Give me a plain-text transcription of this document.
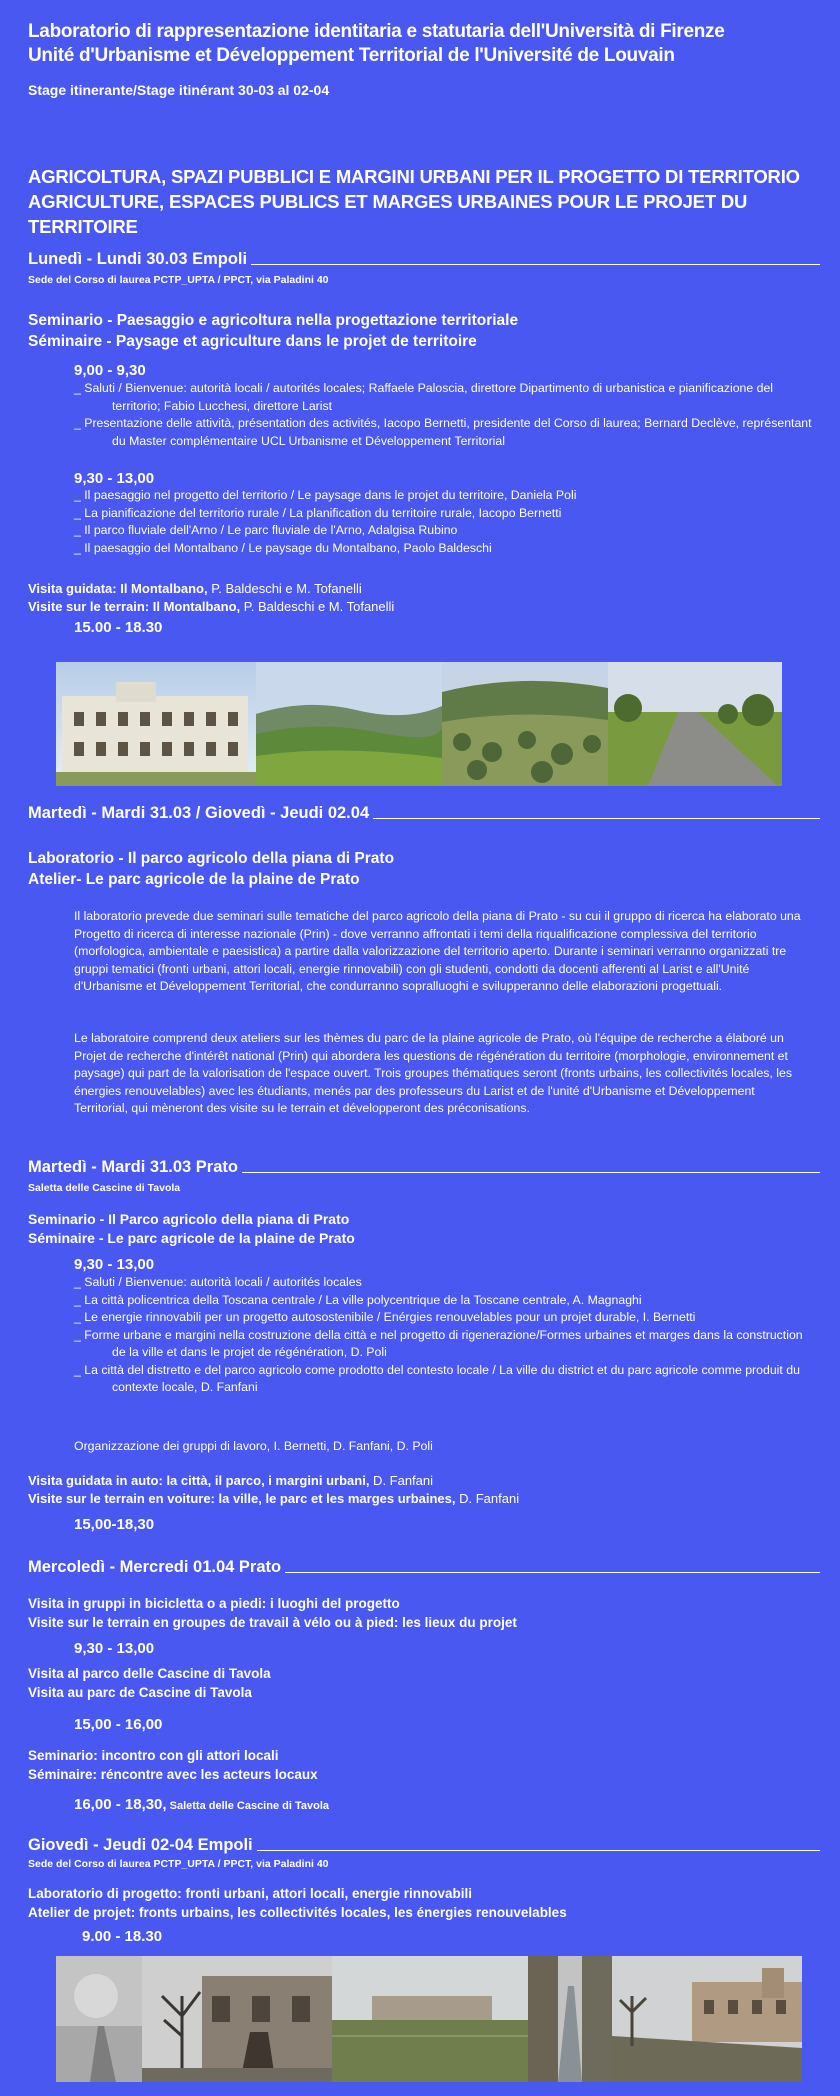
Laboratorio di rappresentazione identitaria e statutaria dell'Università di Firenze
Unité d'Urbanisme et Développement Territorial de l'Université de Louvain
Stage itinerante/Stage itinérant 30-03 al 02-04
AGRICOLTURA, SPAZI PUBBLICI E MARGINI URBANI PER IL PROGETTO DI TERRITORIO
AGRICULTURE, ESPACES PUBLICS ET MARGES URBAINES POUR LE PROJET DU TERRITOIRE
Lunedì - Lundi 30.03 Empoli
Sede del Corso di laurea PCTP_UPTA / PPCT, via Paladini 40
Seminario - Paesaggio e agricoltura nella progettazione territoriale
Séminaire - Paysage et agriculture dans le projet de territoire
9,00 - 9,30
_ Saluti / Bienvenue: autorità locali / autorités locales; Raffaele Paloscia, direttore Dipartimento di urbanistica e pianificazione del territorio; Fabio Lucchesi, direttore Larist
_ Presentazione delle attività, présentation des activités, Iacopo Bernetti, presidente del Corso di laurea; Bernard Declève, représentant du Master complémentaire UCL Urbanisme et Développement Territorial
9,30 - 13,00
_ Il paesaggio nel progetto del territorio / Le paysage dans le projet du territoire, Daniela Poli
_ La pianificazione del territorio rurale / La planification du territoire rurale, Iacopo Bernetti
_ Il parco fluviale dell'Arno / Le parc fluviale de l'Arno, Adalgisa Rubino
_ Il paesaggio del Montalbano / Le paysage du Montalbano, Paolo Baldeschi
Visita guidata: Il Montalbano, P. Baldeschi e M. Tofanelli
Visite sur le terrain: Il Montalbano, P. Baldeschi e M. Tofanelli
15.00 - 18.30
Martedì - Mardi 31.03 / Giovedì - Jeudi 02.04
Laboratorio - Il parco agricolo della piana di Prato
Atelier- Le parc agricole de la plaine de Prato
Il laboratorio prevede due seminari sulle tematiche del parco agricolo della piana di Prato - su cui il gruppo di ricerca ha elaborato una Progetto di ricerca di interesse nazionale (Prin) - dove verranno affrontati i temi della riqualificazione complessiva del territorio (morfologica, ambientale e paesistica) a partire dalla valorizzazione del territorio aperto. Durante i seminari verranno organizzati tre gruppi tematici (fronti urbani, attori locali, energie rinnovabili) con gli studenti, condotti da docenti afferenti al Larist e all'Unité d'Urbanisme et Développement Territorial, che condurranno sopralluoghi e svilupperanno delle elaborazioni progettuali.
Le laboratoire comprend deux ateliers sur les thèmes du parc de la plaine agricole de Prato, où l'équipe de recherche a élaboré un Projet de recherche d'intérêt national (Prin) qui abordera les questions de régénération du territoire (morphologie, environnement et paysage) qui part de la valorisation de l'espace ouvert. Trois groupes thématiques seront (fronts urbains, les collectivités locales, les énergies renouvelables) avec les étudiants, menés par des professeurs du Larist et de l'unité d'Urbanisme et Développement Territorial, qui mèneront des visite su le terrain et développeront des préconisations.
Martedì - Mardi 31.03 Prato
Saletta delle Cascine di Tavola
Seminario - Il Parco agricolo della piana di Prato
Séminaire - Le parc agricole de la plaine de Prato
9,30 - 13,00
_ Saluti / Bienvenue: autorità locali / autorités locales
_ La città policentrica della Toscana centrale / La ville polycentrique de la Toscane centrale, A. Magnaghi
_ Le energie rinnovabili per un progetto autosostenibile / Enérgies renouvelables pour un projet durable, I. Bernetti
_ Forme urbane e margini nella costruzione della città e nel progetto di rigenerazione/Formes urbaines et marges dans la construction de la ville et dans le projet de régénération, D. Poli
_ La città del distretto e del parco agricolo come prodotto del contesto locale / La ville du district et du parc agricole comme produit du contexte locale, D. Fanfani
Organizzazione dei gruppi di lavoro, I. Bernetti, D. Fanfani, D. Poli
Visita guidata in auto: la città, il parco, i margini urbani, D. Fanfani
Visite sur le terrain en voiture: la ville, le parc et les marges urbaines, D. Fanfani
15,00-18,30
Mercoledì - Mercredi 01.04 Prato
Visita in gruppi in bicicletta o a piedi: i luoghi del progetto
Visite sur le terrain en groupes de travail à vélo ou à pied: les lieux du projet
9,30 - 13,00
Visita al parco delle Cascine di Tavola
Visita au parc de Cascine di Tavola
15,00 - 16,00
Seminario: incontro con gli attori locali
Séminaire: réncontre avec les acteurs locaux
16,00 - 18,30, Saletta delle Cascine di Tavola
Giovedì - Jeudi 02-04 Empoli
Sede del Corso di laurea PCTP_UPTA / PPCT, via Paladini 40
Laboratorio di progetto: fronti urbani, attori locali, energie rinnovabili
Atelier de projet: fronts urbains, les collectivités locales, les énergies renouvelables
9.00 - 18.30
